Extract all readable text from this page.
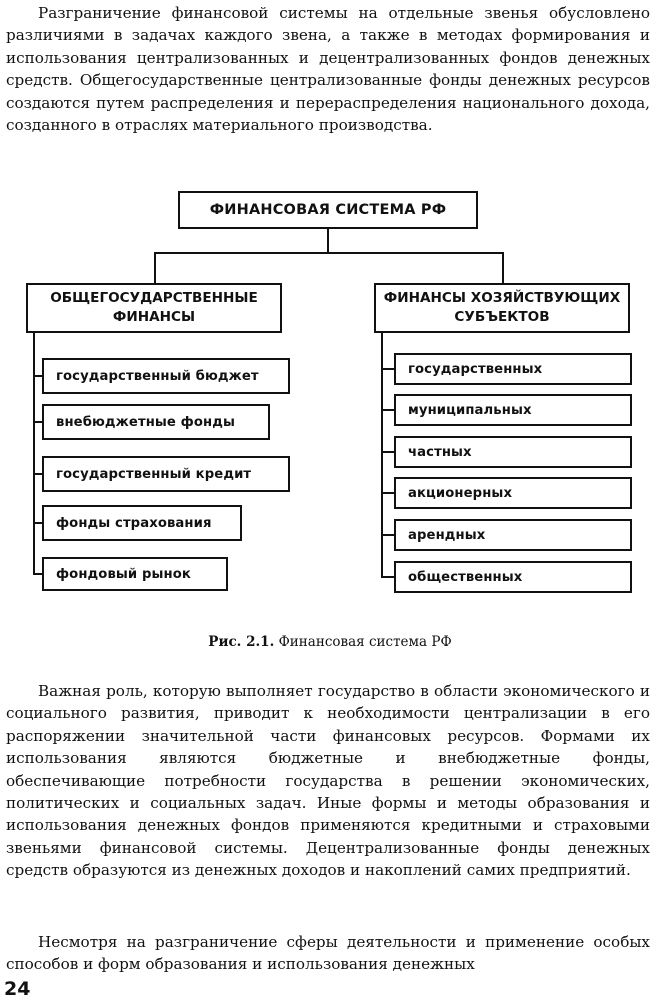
Разграничение финансовой системы на отдельные звенья обусловлено различиями в задачах каждого звена, а также в методах формирования и использования централизованных и децентрализованных фондов денежных средств. Общегосударственные централизованные фонды денежных ресурсов создаются путем распределения и перераспределения национального дохода, созданного в отраслях материального производства.

ФИНАНСОВАЯ СИСТЕМА РФ
ОБЩЕГОСУДАРСТВЕННЫЕ ФИНАНСЫ
ФИНАНСЫ ХОЗЯЙСТВУЮЩИХ СУБЪЕКТОВ
государственный бюджет
внебюджетные фонды
государственный кредит
фонды страхования
фондовый рынок
государственных
муниципальных
частных
акционерных
арендных
общественных
Рис. 2.1. Финансовая система РФ

Важная роль, которую выполняет государство в области экономического и социального развития, приводит к необходимости централизации в его распоряжении значительной части финансовых ресурсов. Формами их использования являются бюджетные и внебюджетные фонды, обеспечивающие потребности государства в решении экономических, политических и социальных задач. Иные формы и методы образования и использования денежных фондов применяются кредитными и страховыми звеньями финансовой системы. Децентрализованные фонды денежных средств образуются из денежных доходов и накоплений самих предприятий.

Несмотря на разграничение сферы деятельности и применение особых способов и форм образования и использования денежных

24
